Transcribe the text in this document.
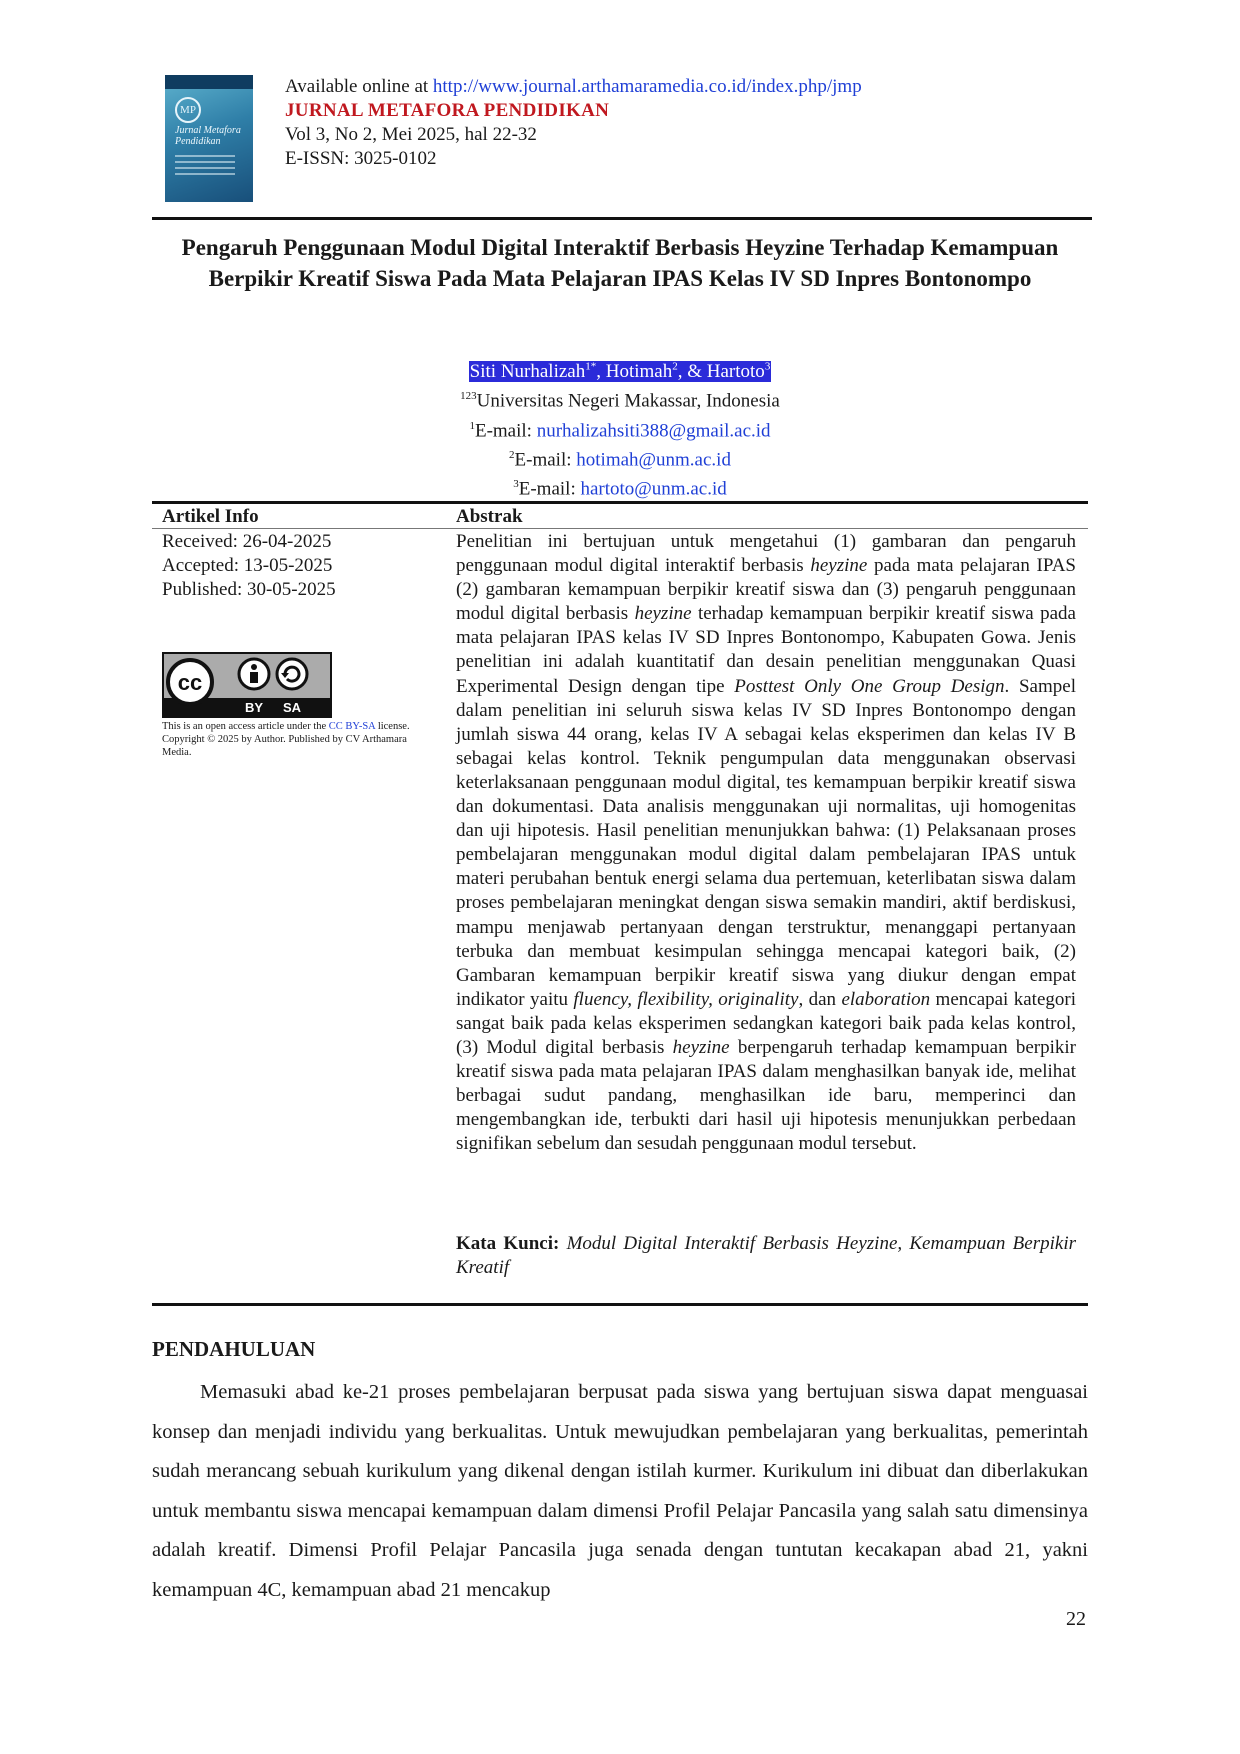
MP
Jurnal Metafora Pendidikan
Available online at http://www.journal.arthamaramedia.co.id/index.php/jmp
JURNAL METAFORA PENDIDIKAN
Vol 3, No 2, Mei 2025, hal 22-32
E-ISSN: 3025-0102
Pengaruh Penggunaan Modul Digital Interaktif Berbasis Heyzine Terhadap Kemampuan Berpikir Kreatif Siswa Pada Mata Pelajaran IPAS Kelas IV SD Inpres Bontonompo
Siti Nurhalizah$^{1*}$, Hotimah$^2$, & Hartoto$^3$
$^{123}$Universitas Negeri Makassar, Indonesia
$^1$E-mail: nurhalizahsiti388@gmail.ac.id
$^2$E-mail: hotimah@unm.ac.id
$^3$E-mail: hartoto@unm.ac.id
Artikel Info	Abstrak
Received: 26-04-2025
Accepted: 13-05-2025
Published: 30-05-2025
cc
BY SA
This is an open access article under the CC BY-SA license. Copyright © 2025 by Author. Published by CV Arthamara Media.

Penelitian ini bertujuan untuk mengetahui (1) gambaran dan pengaruh penggunaan modul digital interaktif berbasis heyzine pada mata pelajaran IPAS (2) gambaran kemampuan berpikir kreatif siswa dan (3) pengaruh penggunaan modul digital berbasis heyzine terhadap kemampuan berpikir kreatif siswa pada mata pelajaran IPAS kelas IV SD Inpres Bontonompo, Kabupaten Gowa. Jenis penelitian ini adalah kuantitatif dan desain penelitian menggunakan Quasi Experimental Design dengan tipe Posttest Only One Group Design. Sampel dalam penelitian ini seluruh siswa kelas IV SD Inpres Bontonompo dengan jumlah siswa 44 orang, kelas IV A sebagai kelas eksperimen dan kelas IV B sebagai kelas kontrol. Teknik pengumpulan data menggunakan observasi keterlaksanaan penggunaan modul digital, tes kemampuan berpikir kreatif siswa dan dokumentasi. Data analisis menggunakan uji normalitas, uji homogenitas dan uji hipotesis. Hasil penelitian menunjukkan bahwa: (1) Pelaksanaan proses pembelajaran menggunakan modul digital dalam pembelajaran IPAS untuk materi perubahan bentuk energi selama dua pertemuan, keterlibatan siswa dalam proses pembelajaran meningkat dengan siswa semakin mandiri, aktif berdiskusi, mampu menjawab pertanyaan dengan terstruktur, menanggapi pertanyaan terbuka dan membuat kesimpulan sehingga mencapai kategori baik, (2) Gambaran kemampuan berpikir kreatif siswa yang diukur dengan empat indikator yaitu fluency, flexibility, originality, dan elaboration mencapai kategori sangat baik pada kelas eksperimen sedangkan kategori baik pada kelas kontrol, (3) Modul digital berbasis heyzine berpengaruh terhadap kemampuan berpikir kreatif siswa pada mata pelajaran IPAS dalam menghasilkan banyak ide, melihat berbagai sudut pandang, menghasilkan ide baru, memperinci dan mengembangkan ide, terbukti dari hasil uji hipotesis menunjukkan perbedaan signifikan sebelum dan sesudah penggunaan modul tersebut.

Kata Kunci: Modul Digital Interaktif Berbasis Heyzine, Kemampuan Berpikir Kreatif

PENDAHULUAN

Memasuki abad ke-21 proses pembelajaran berpusat pada siswa yang bertujuan siswa dapat menguasai konsep dan menjadi individu yang berkualitas. Untuk mewujudkan pembelajaran yang berkualitas, pemerintah sudah merancang sebuah kurikulum yang dikenal dengan istilah kurmer. Kurikulum ini dibuat dan diberlakukan untuk membantu siswa mencapai kemampuan dalam dimensi Profil Pelajar Pancasila yang salah satu dimensinya adalah kreatif. Dimensi Profil Pelajar Pancasila juga senada dengan tuntutan kecakapan abad 21, yakni kemampuan 4C, kemampuan abad 21 mencakup

22
